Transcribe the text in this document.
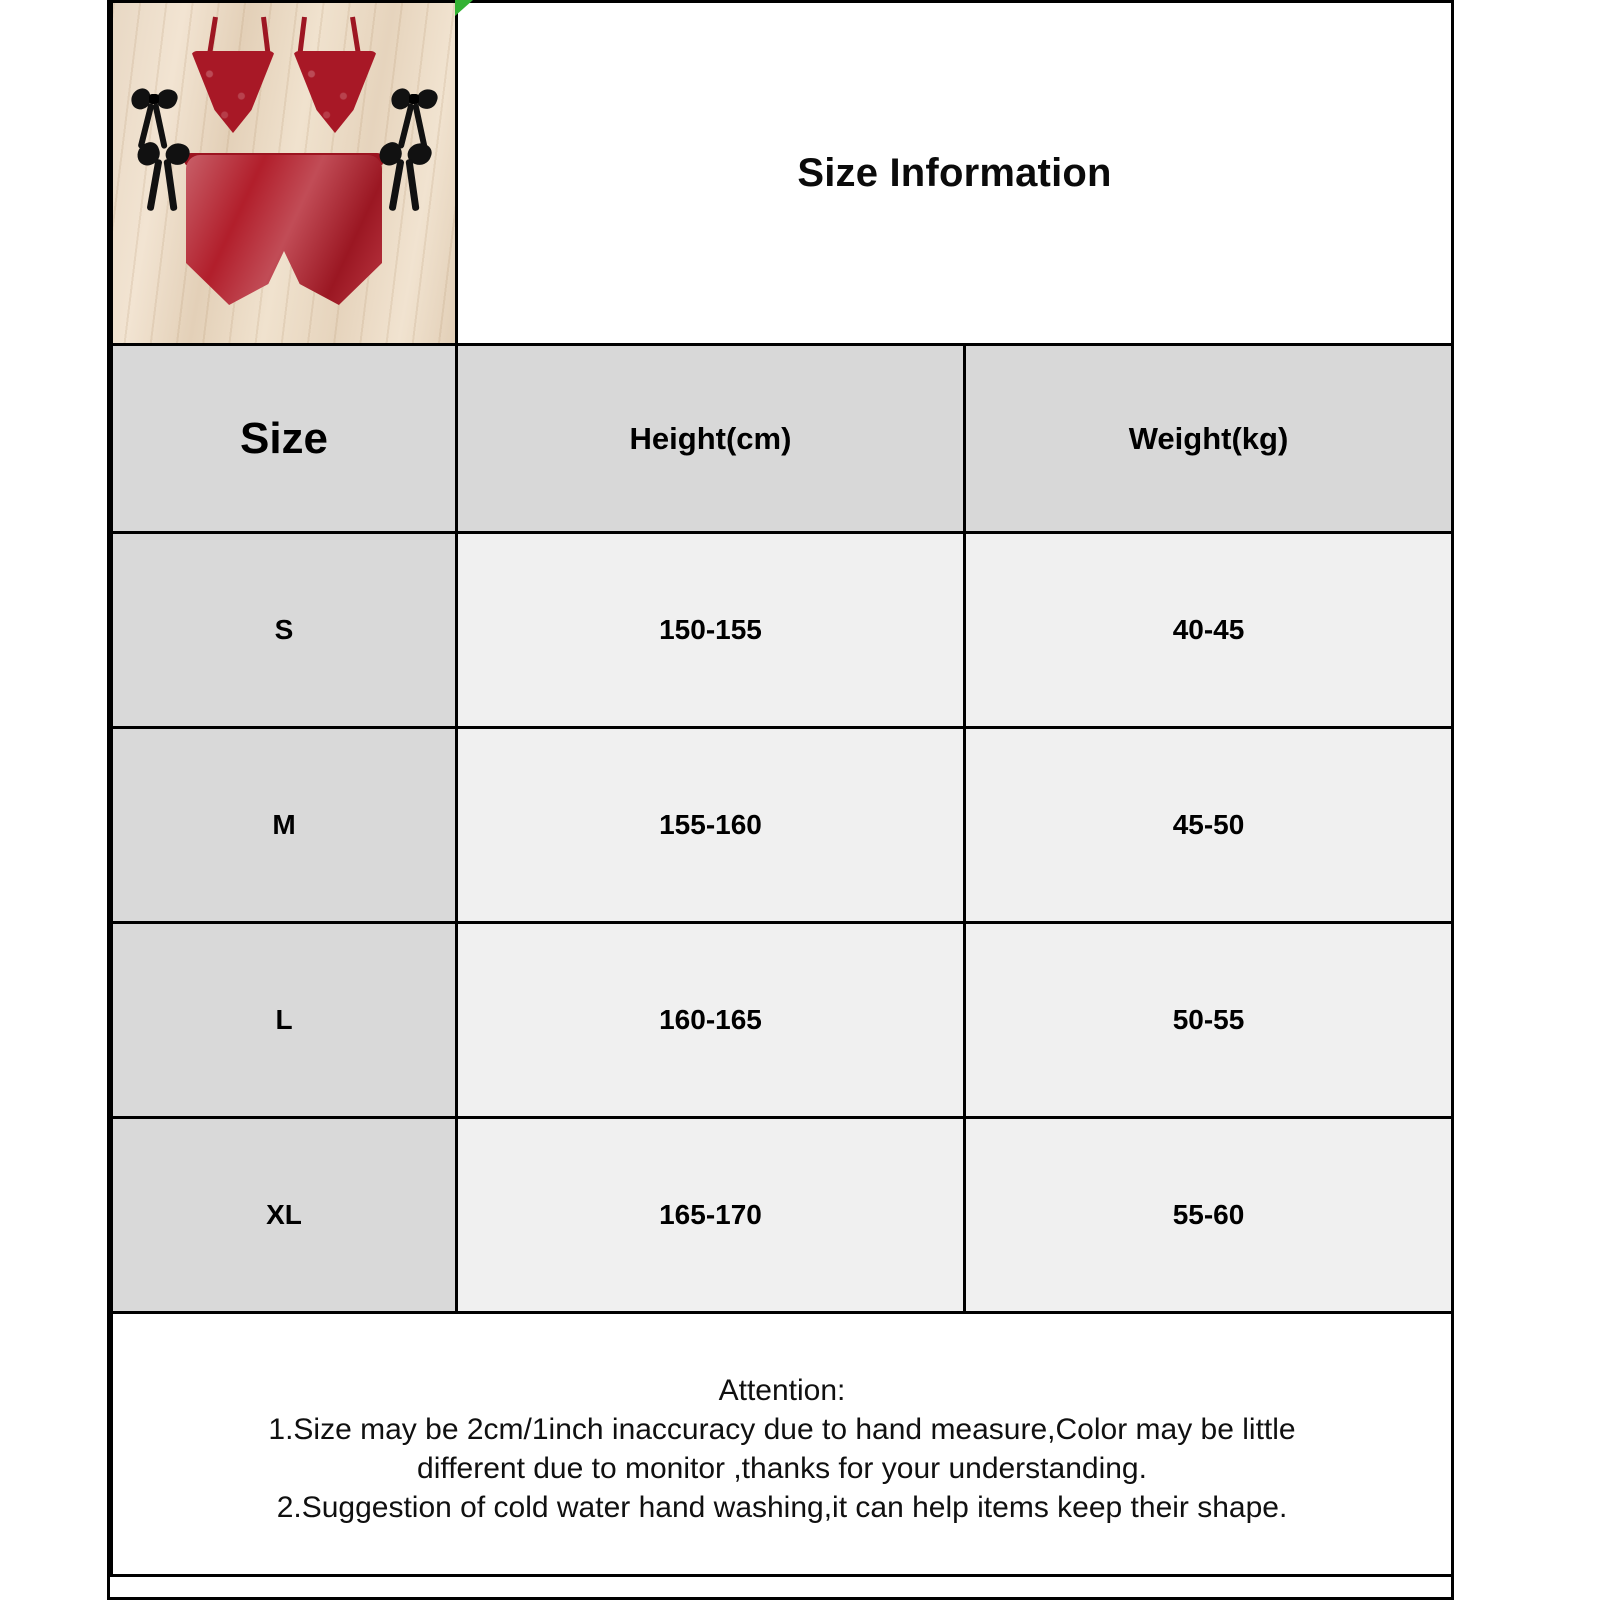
	Size Information	

Size	Height(cm)	Weight(kg)
S	150-155	40-45
M	155-160	45-50
L	160-165	50-55
XL	165-170	55-60

Attention:
1.Size may be 2cm/1inch inaccuracy due to hand measure,Color may be little
different due to monitor ,thanks for your understanding.
2.Suggestion of cold water hand washing,it can help items keep their shape.		
